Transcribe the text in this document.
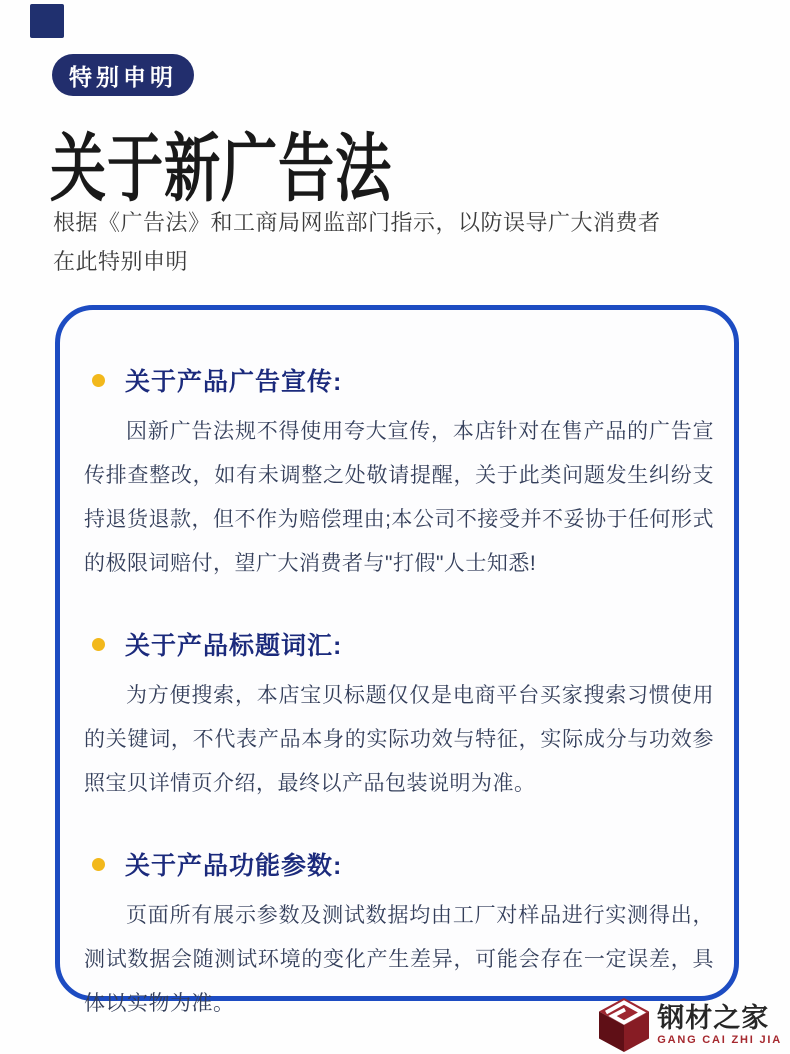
特别申明
关于新广告法

根据《广告法》和工商局网监部门指示，以防误导广大消费者
在此特别申明

关于产品广告宣传:

因新广告法规不得使用夸大宣传，本店针对在售产品的广告宣传排查整改，如有未调整之处敬请提醒，关于此类问题发生纠纷支持退货退款，但不作为赔偿理由;本公司不接受并不妥协于任何形式的极限词赔付，望广大消费者与"打假"人士知悉!

关于产品标题词汇:

为方便搜索，本店宝贝标题仅仅是电商平台买家搜索习惯使用的关键词，不代表产品本身的实际功效与特征，实际成分与功效参照宝贝详情页介绍，最终以产品包装说明为准。

关于产品功能参数:

页面所有展示参数及测试数据均由工厂对样品进行实测得出，测试数据会随测试环境的变化产生差异，可能会存在一定误差，具体以实物为准。	钢材之家
GANG CAI ZHI JIA
